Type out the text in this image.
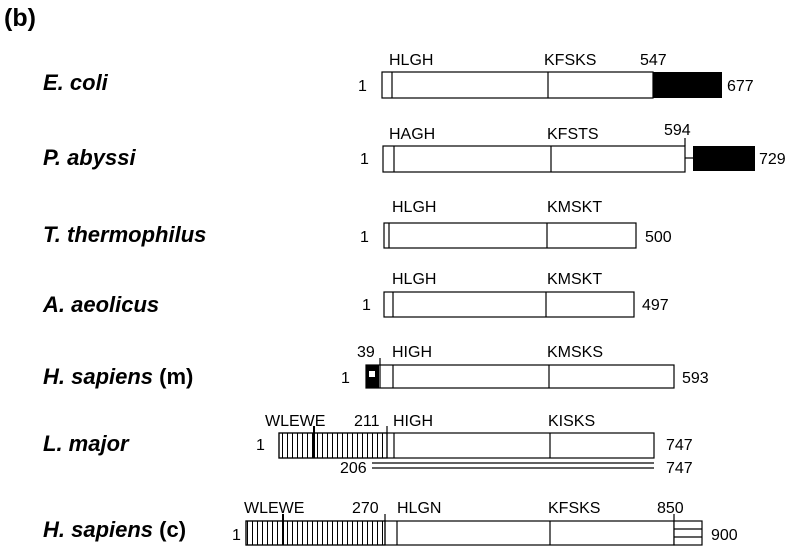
(b)
E. coli
P. abyssi
T. thermophilus
A. aeolicus
H. sapiens (m)
L. major
H. sapiens (c)
1
HLGH	KFSKS	547
677
1
HAGH	KFSTS	594
729
1
HLGH	KMSKT
500
1
HLGH	KMSKT
497
1
39 HIGH	KMSKS
593
1
WLEWE 211 HIGH	KISKS
747
206	747
1
WLEWE	270 HLGN	KFSKS	850
900
